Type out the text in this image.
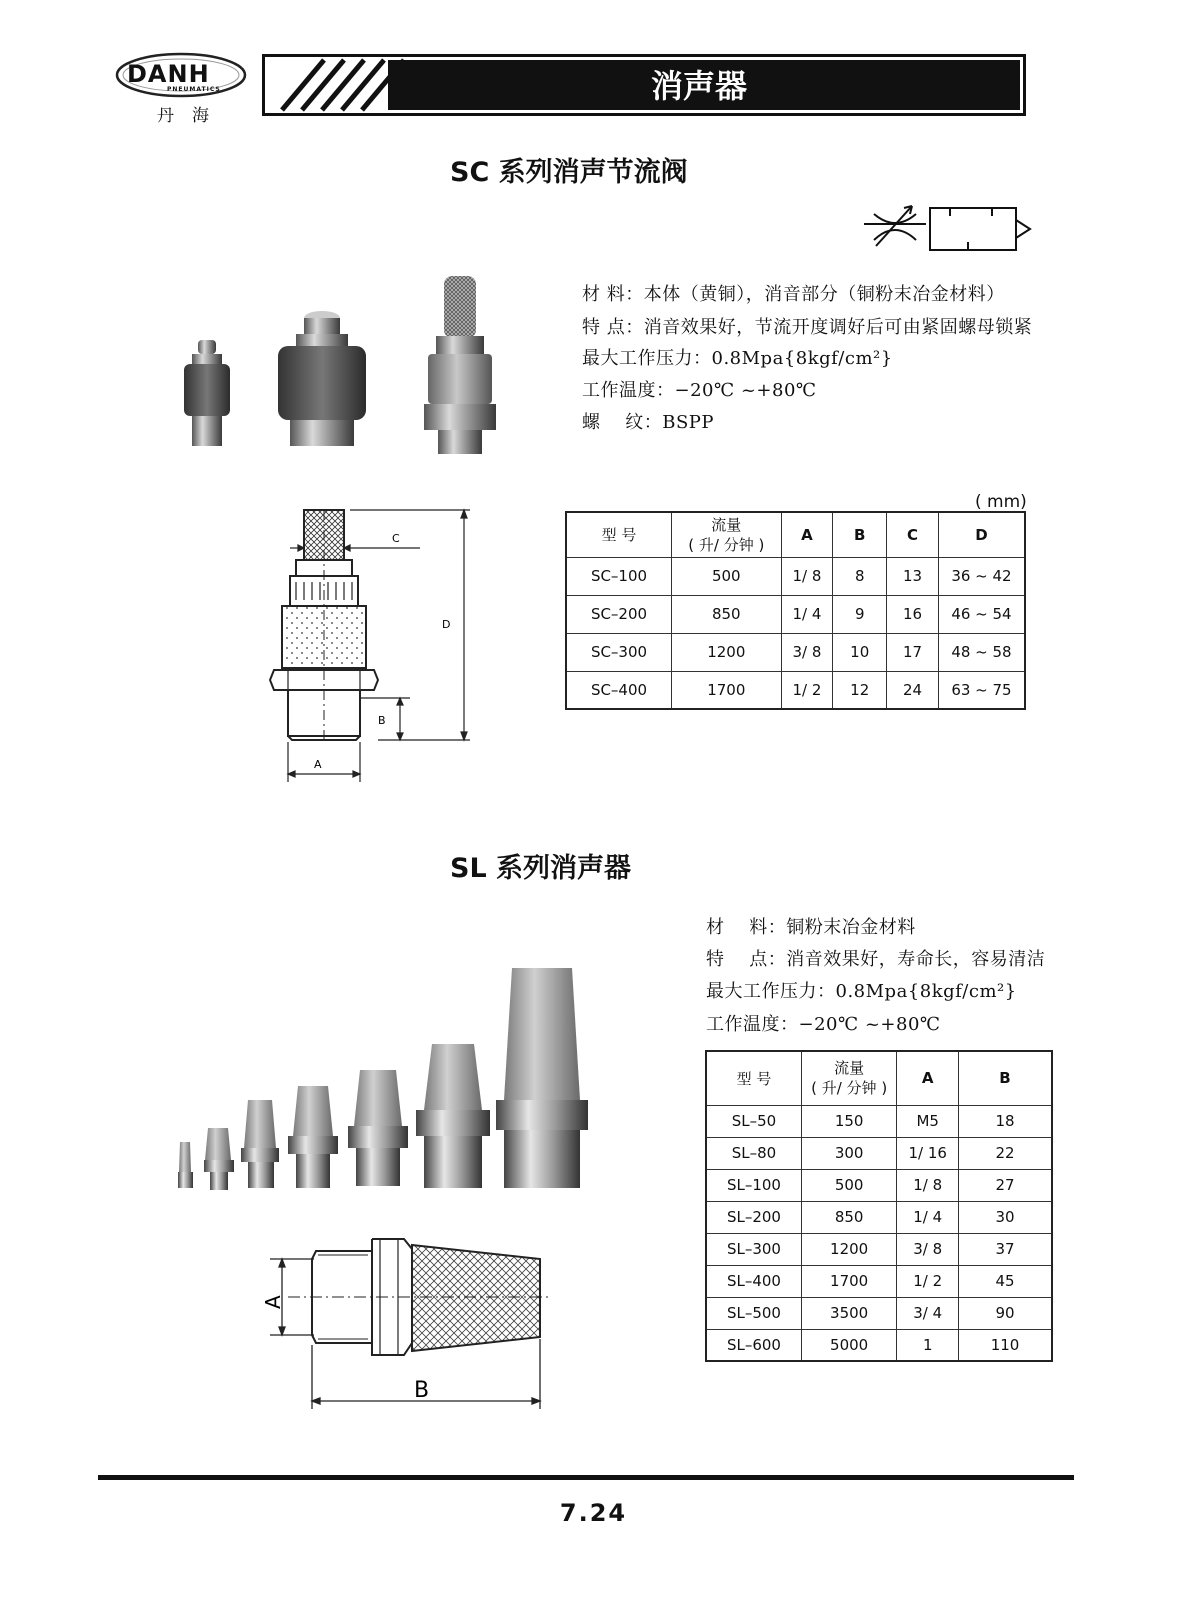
DANH
PNEUMATICS
丹海
消声器
SC 系列消声节流阀
材 料：本体（黄铜），消音部分（铜粉末冶金材料）
特 点：消音效果好，节流开度调好后可由紧固螺母锁紧
最大工作压力：0.8Mpa{8kgf/cm²}
工作温度：−20℃ ~+80℃
螺　 纹：BSPP
C
D
B
A
( mm)
型 号	流量
( 升/ 分钟 )	A	B	C	D
SC–100	500	1/ 8	8	13	36 ~ 42
SC–200	850	1/ 4	9	16	46 ~ 54
SC–300	1200	3/ 8	10	17	48 ~ 58
SC–400	1700	1/ 2	12	24	63 ~ 75
SL 系列消声器
材　 料：铜粉末冶金材料
特　 点：消音效果好，寿命长，容易清洁
最大工作压力：0.8Mpa{8kgf/cm²}
工作温度：−20℃ ~+80℃
A
B
型 号	流量
( 升/ 分钟 )	A	B
SL–50	150	M5	18
SL–80	300	1/ 16	22
SL–100	500	1/ 8	27
SL–200	850	1/ 4	30
SL–300	1200	3/ 8	37
SL–400	1700	1/ 2	45
SL–500	3500	3/ 4	90
SL–600	5000	1	110
7.24
